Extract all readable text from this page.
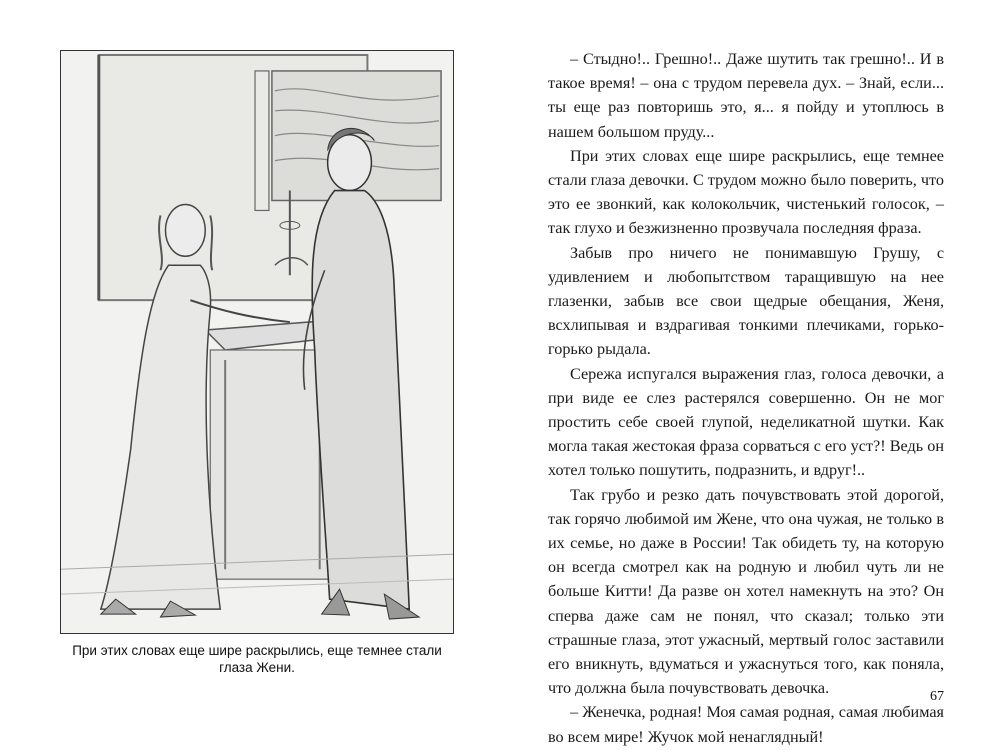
При этих словах еще шире раскрылись, еще темнее стали глаза Жени.

– Стыдно!.. Грешно!.. Даже шутить так грешно!.. И в такое время! – она с трудом перевела дух. – Знай, если... ты еще раз повторишь это, я... я пойду и утоплюсь в нашем большом пруду...

При этих словах еще шире раскрылись, еще темнее стали глаза девочки. С трудом можно было поверить, что это ее звонкий, как колокольчик, чистенький голосок, – так глухо и безжизненно прозвучала последняя фраза.

Забыв про ничего не понимавшую Грушу, с удивлением и любопытством таращившую на нее глазенки, забыв все свои щедрые обещания, Женя, всхлипывая и вздрагивая тонкими плечиками, горько-горько рыдала.

Сережа испугался выражения глаз, голоса девочки, а при виде ее слез растерялся совершенно. Он не мог простить себе своей глупой, неделикатной шутки. Как могла такая жестокая фраза сорваться с его уст?! Ведь он хотел только пошутить, подразнить, и вдруг!..

Так грубо и резко дать почувствовать этой дорогой, так горячо любимой им Жене, что она чужая, не только в их семье, но даже в России! Так обидеть ту, на которую он всегда смотрел как на родную и любил чуть ли не больше Китти! Да разве он хотел намекнуть на это? Он сперва даже сам не понял, что сказал; только эти страшные глаза, этот ужасный, мертвый голос заставили его вникнуть, вдуматься и ужаснуться того, как поняла, что должна была почувствовать девочка.

– Женечка, родная! Моя самая родная, самая любимая во всем мире! Жучок мой ненаглядный!

67
